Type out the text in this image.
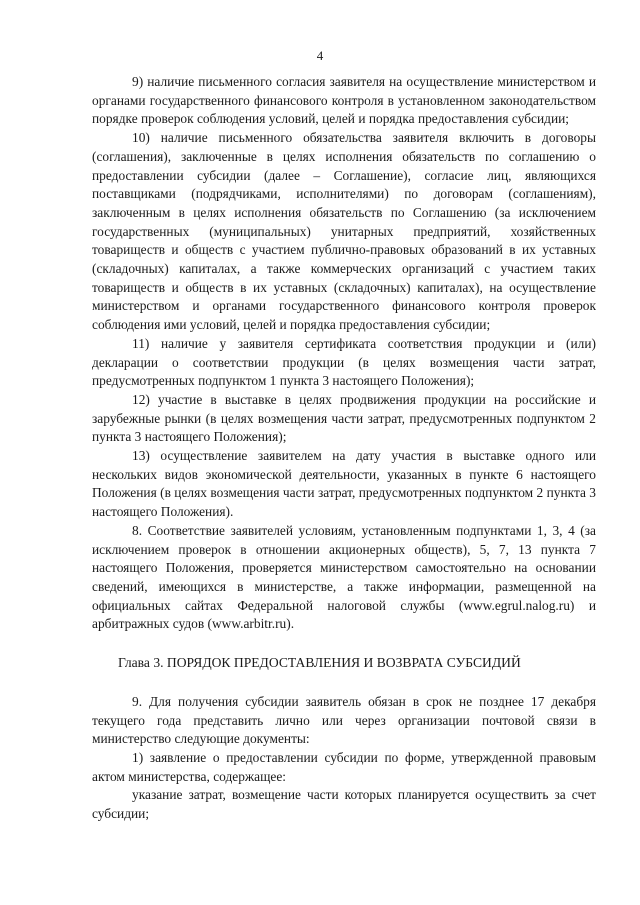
4

9) наличие письменного согласия заявителя на осуществление министерством и органами государственного финансового контроля в установленном законодательством порядке проверок соблюдения условий, целей и порядка предоставления субсидии;

10) наличие письменного обязательства заявителя включить в договоры (соглашения), заключенные в целях исполнения обязательств по соглашению о предоставлении субсидии (далее – Соглашение), согласие лиц, являющихся поставщиками (подрядчиками, исполнителями) по договорам (соглашениям), заключенным в целях исполнения обязательств по Соглашению (за исключением государственных (муниципальных) унитарных предприятий, хозяйственных товариществ и обществ с участием публично-правовых образований в их уставных (складочных) капиталах, а также коммерческих организаций с участием таких товариществ и обществ в их уставных (складочных) капиталах), на осуществление министерством и органами государственного финансового контроля проверок соблюдения ими условий, целей и порядка предоставления субсидии;

11) наличие у заявителя сертификата соответствия продукции и (или) декларации о соответствии продукции (в целях возмещения части затрат, предусмотренных подпунктом 1 пункта 3 настоящего Положения);

12) участие в выставке в целях продвижения продукции на российские и зарубежные рынки (в целях возмещения части затрат, предусмотренных подпунктом 2 пункта 3 настоящего Положения);

13) осуществление заявителем на дату участия в выставке одного или нескольких видов экономической деятельности, указанных в пункте 6 настоящего Положения (в целях возмещения части затрат, предусмотренных подпунктом 2 пункта 3 настоящего Положения).

8. Соответствие заявителей условиям, установленным подпунктами 1, 3, 4 (за исключением проверок в отношении акционерных обществ), 5, 7, 13 пункта 7 настоящего Положения, проверяется министерством самостоятельно на основании сведений, имеющихся в министерстве, а также информации, размещенной на официальных сайтах Федеральной налоговой службы (www.egrul.nalog.ru) и арбитражных судов (www.arbitr.ru).

Глава 3. ПОРЯДОК ПРЕДОСТАВЛЕНИЯ И ВОЗВРАТА СУБСИДИЙ

9. Для получения субсидии заявитель обязан в срок не позднее 17 декабря текущего года представить лично или через организации почтовой связи в министерство следующие документы:

1) заявление о предоставлении субсидии по форме, утвержденной правовым актом министерства, содержащее:

указание затрат, возмещение части которых планируется осуществить за счет субсидии;
